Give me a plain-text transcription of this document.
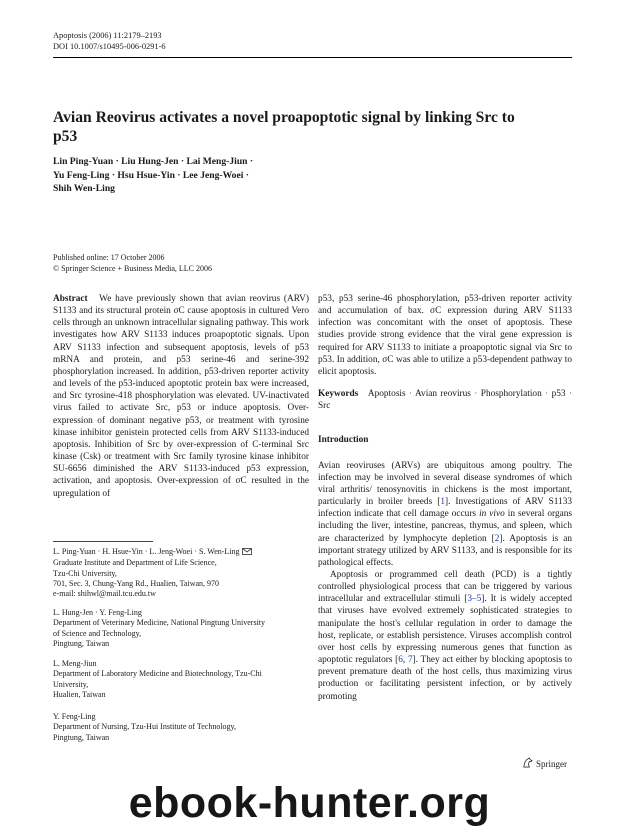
Apoptosis (2006) 11:2179–2193
DOI 10.1007/s10495-006-0291-6
Avian Reovirus activates a novel proapoptotic signal by linking Src to p53
Lin Ping-Yuan · Liu Hung-Jen · Lai Meng-Jiun ·
Yu Feng-Ling · Hsu Hsue-Yin · Lee Jeng-Woei ·
Shih Wen-Ling
Published online: 17 October 2006
© Springer Science + Business Media, LLC 2006

Abstract We have previously shown that avian reovirus (ARV) S1133 and its structural protein σC cause apoptosis in cultured Vero cells through an unknown intracellular signaling pathway. This work investigates how ARV S1133 induces proapoptotic signals. Upon ARV S1133 infection and subsequent apoptosis, levels of p53 mRNA and protein, and p53 serine-46 and serine-392 phosphorylation increased. In addition, p53-driven reporter activity and levels of the p53-induced apoptotic protein bax were increased, and Src tyrosine-418 phosphorylation was elevated. UV-inactivated virus failed to activate Src, p53 or induce apoptosis. Over-expression of dominant negative p53, or treatment with tyrosine kinase inhibitor genistein protected cells from ARV S1133-induced apoptosis. Inhibition of Src by over-expression of C-terminal Src kinase (Csk) or treatment with Src family tyrosine kinase inhibitor SU-6656 diminished the ARV S1133-induced p53 expression, activation, and apoptosis. Over-expression of σC resulted in the upregulation of

L. Ping-Yuan · H. Hsue-Yin · L. Jeng-Woei · S. Wen-Ling
Graduate Institute and Department of Life Science,
Tzu-Chi University,
701, Sec. 3, Chung-Yang Rd., Hualien, Taiwan, 970
e-mail: shihwl@mail.tcu.edu.tw
L. Hung-Jen · Y. Feng-Ling
Department of Veterinary Medicine, National Pingtung University
of Science and Technology,
Pingtung, Taiwan
L. Meng-Jiun
Department of Laboratory Medicine and Biotechnology, Tzu-Chi
University,
Hualien, Taiwan
Y. Feng-Ling
Department of Nursing, Tzu-Hui Institute of Technology,
Pingtung, Taiwan

p53, p53 serine-46 phosphorylation, p53-driven reporter activity and accumulation of bax. σC expression during ARV S1133 infection was concomitant with the onset of apoptosis. These studies provide strong evidence that the viral gene expression is required for ARV S1133 to initiate a proapoptotic signal via Src to p53. In addition, σC was able to utilize a p53-dependent pathway to elicit apoptosis.

Keywords Apoptosis · Avian reovirus · Phosphorylation · p53 · Src

Introduction

Avian reoviruses (ARVs) are ubiquitous among poultry. The infection may be involved in several disease syndromes of which viral arthritis/ tenosynovitis in chickens is the most important, particularly in broiler breeds [1]. Investigations of ARV S1133 infection indicate that cell damage occurs in vivo in several organs including the liver, intestine, pancreas, thymus, and spleen, which are characterized by lymphocyte depletion [2]. Apoptosis is an important strategy utilized by ARV S1133, and is responsible for its pathological effects.

Apoptosis or programmed cell death (PCD) is a tightly controlled physiological process that can be triggered by various intracellular and extracellular stimuli [3–5]. It is widely accepted that viruses have evolved extremely sophisticated strategies to manipulate the host's cellular regulation in order to damage the host, replicate, or establish persistence. Viruses accomplish control over host cells by expressing numerous genes that function as apoptotic regulators [6, 7]. They act either by blocking apoptosis to prevent premature death of the host cells, thus maximizing virus production or facilitating persistent infection, or by actively promoting

Springer
ebook-hunter.org
